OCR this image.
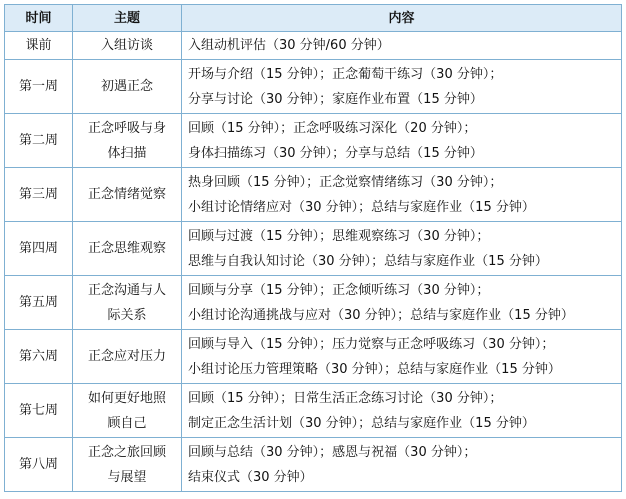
时间	主题	内容
课前	入组访谈	入组动机评估（30 分钟/60 分钟）

第一周	初遇正念	开场与介绍（15 分钟）；正念葡萄干练习（30 分钟）；
分享与讨论（30 分钟）；家庭作业布置（15 分钟）

第二周	正念呼吸与身
体扫描	回顾（15 分钟）；正念呼吸练习深化（20 分钟）；
身体扫描练习（30 分钟）；分享与总结（15 分钟）

第三周	正念情绪觉察	热身回顾（15 分钟）；正念觉察情绪练习（30 分钟）；
小组讨论情绪应对（30 分钟）；总结与家庭作业（15 分钟）

第四周	正念思维观察	回顾与过渡（15 分钟）；思维观察练习（30 分钟）；
思维与自我认知讨论（30 分钟）；总结与家庭作业（15 分钟）

第五周	正念沟通与人
际关系	回顾与分享（15 分钟）；正念倾听练习（30 分钟）；
小组讨论沟通挑战与应对（30 分钟）；总结与家庭作业（15 分钟）

第六周	正念应对压力	回顾与导入（15 分钟）；压力觉察与正念呼吸练习（30 分钟）；
小组讨论压力管理策略（30 分钟）；总结与家庭作业（15 分钟）

第七周	如何更好地照
顾自己	回顾（15 分钟）；日常生活正念练习讨论（30 分钟）；
制定正念生活计划（30 分钟）；总结与家庭作业（15 分钟）

第八周	正念之旅回顾
与展望	回顾与总结（30 分钟）；感恩与祝福（30 分钟）；
结束仪式（30 分钟）
